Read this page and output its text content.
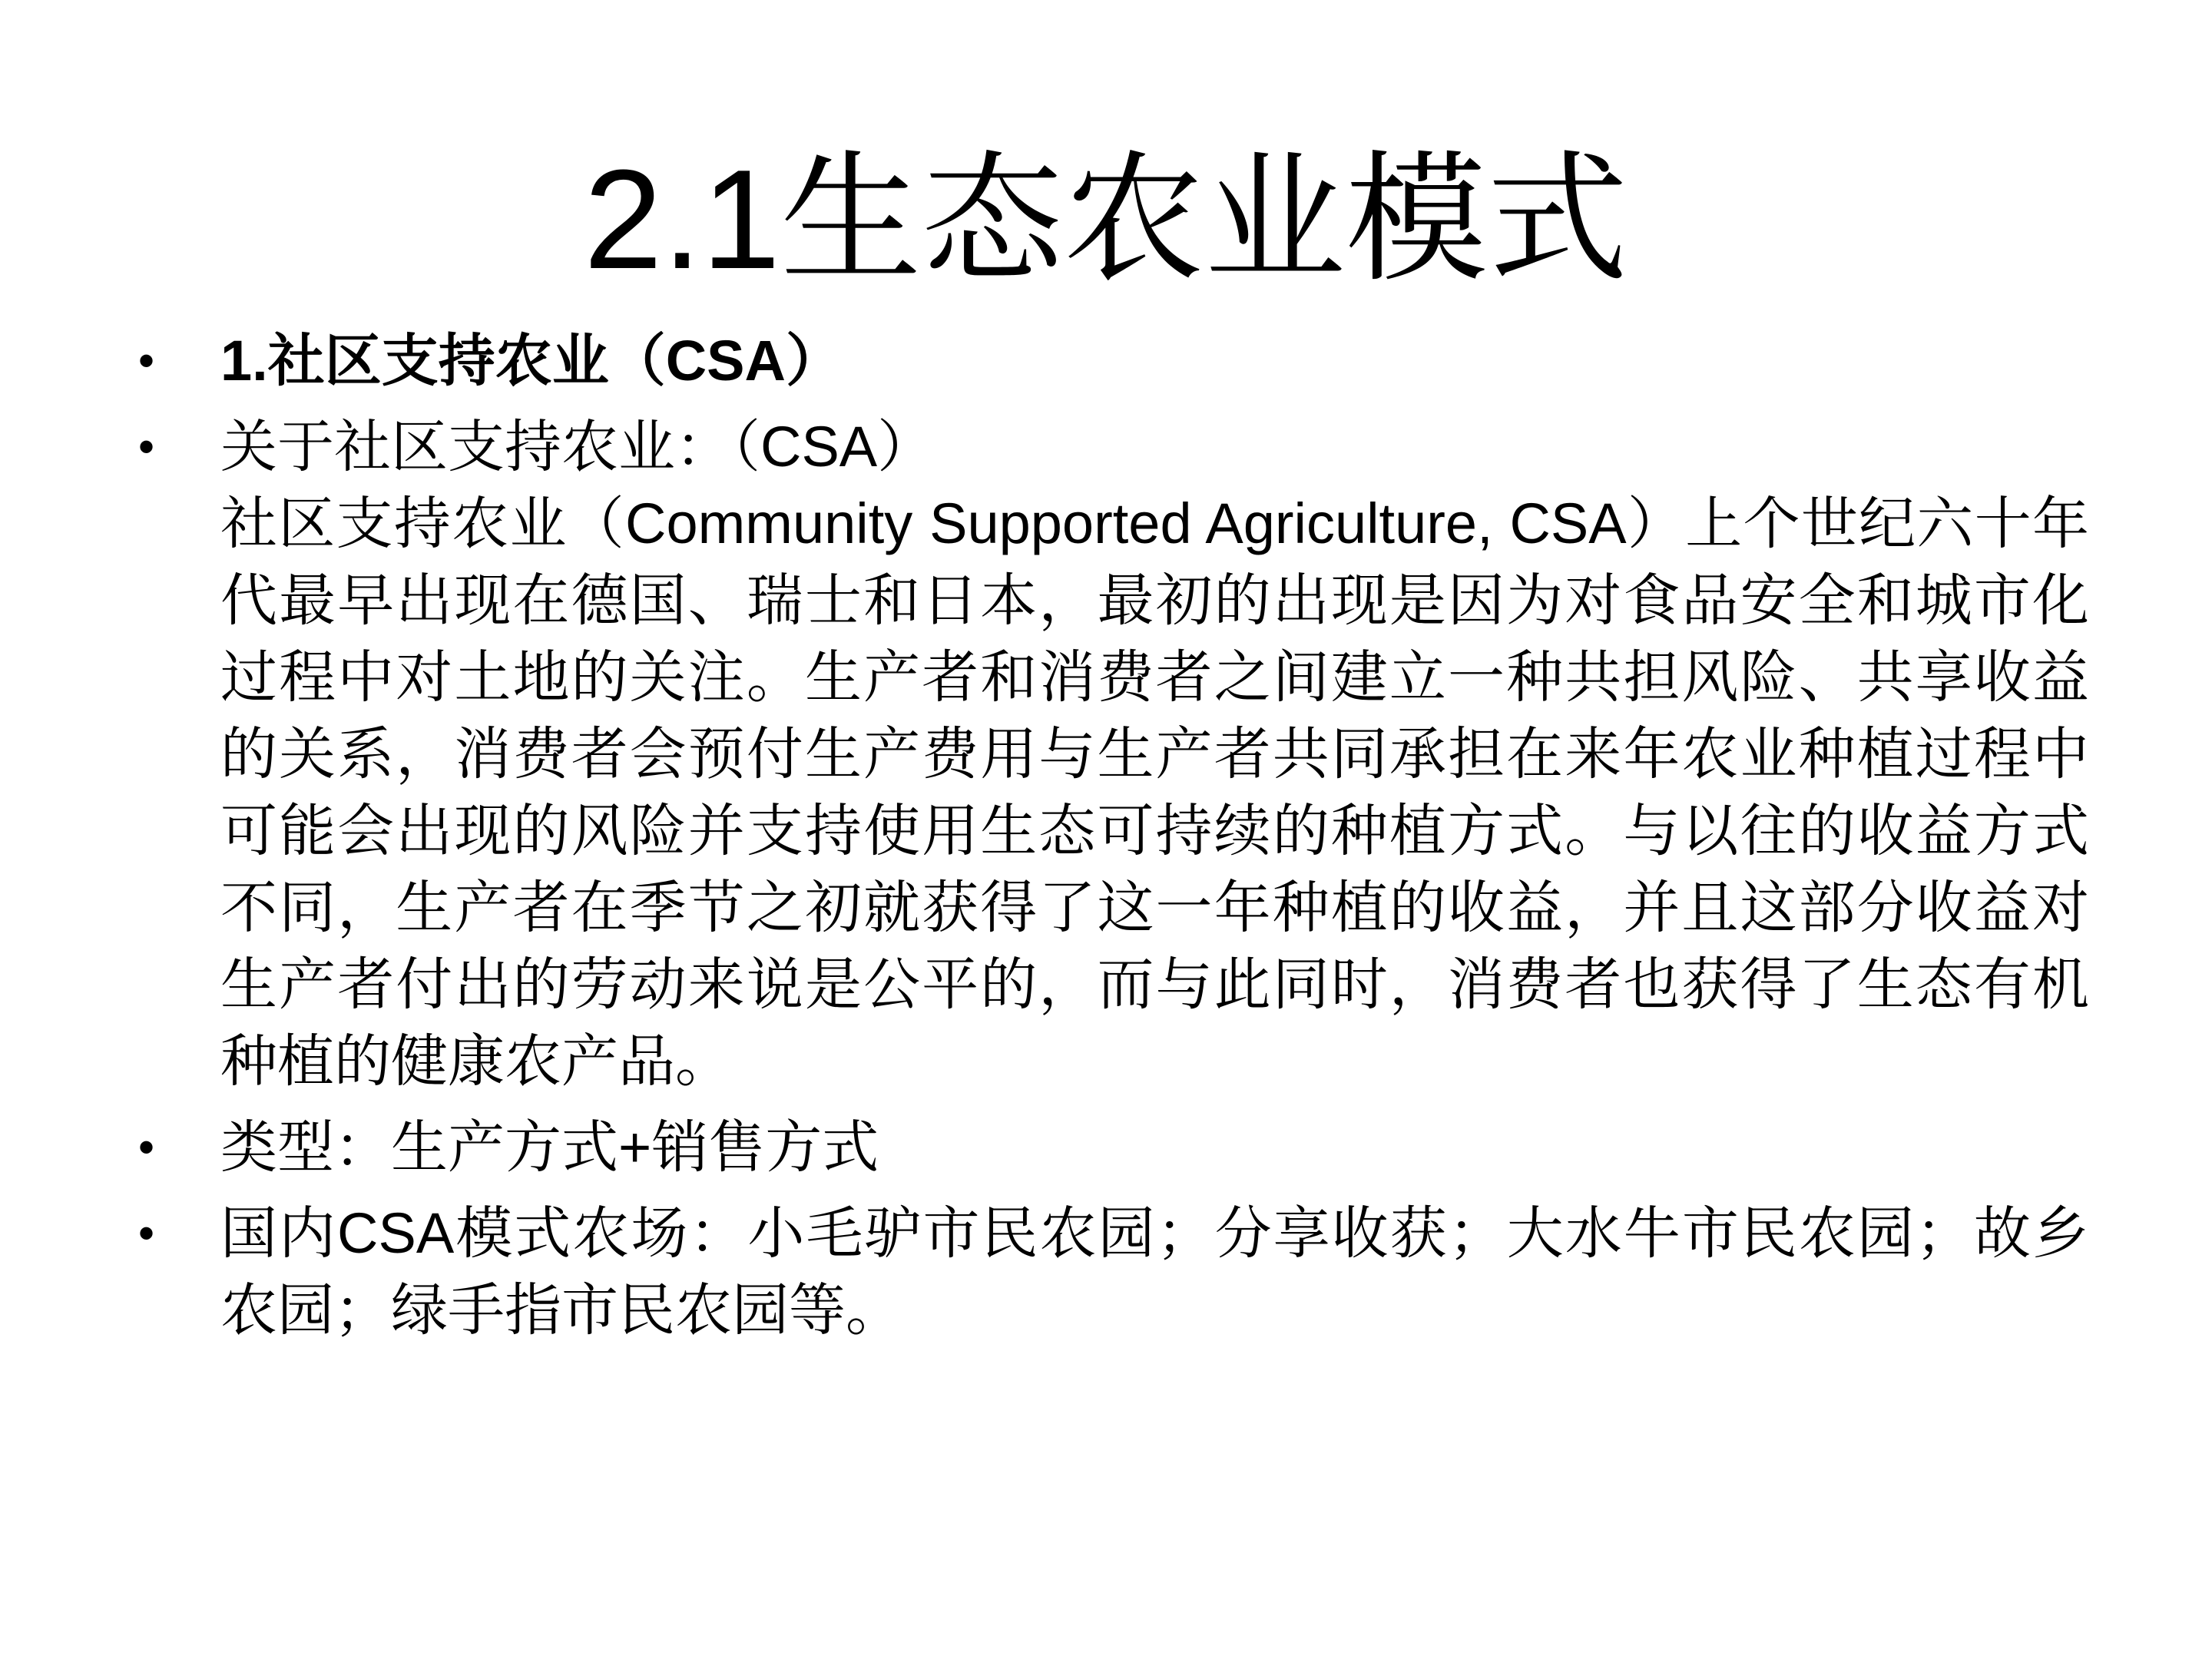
2.1生态农业模式
• 1.社区支持农业（CSA）
• 关于社区支持农业：（CSA）
社区支持农业（Community Supported Agriculture, CSA）上个世纪六十年代最早出现在德国、瑞士和日本，最初的出现是因为对食品安全和城市化过程中对土地的关注。生产者和消费者之间建立一种共担风险、共享收益的关系，消费者会预付生产费用与生产者共同承担在来年农业种植过程中可能会出现的风险并支持使用生态可持续的种植方式。与以往的收益方式不同，生产者在季节之初就获得了这一年种植的收益，并且这部分收益对生产者付出的劳动来说是公平的，而与此同时，消费者也获得了生态有机种植的健康农产品。
• 类型：生产方式+销售方式
• 国内CSA模式农场：小毛驴市民农园；分享收获；大水牛市民农园；故乡农园；绿手指市民农园等。
